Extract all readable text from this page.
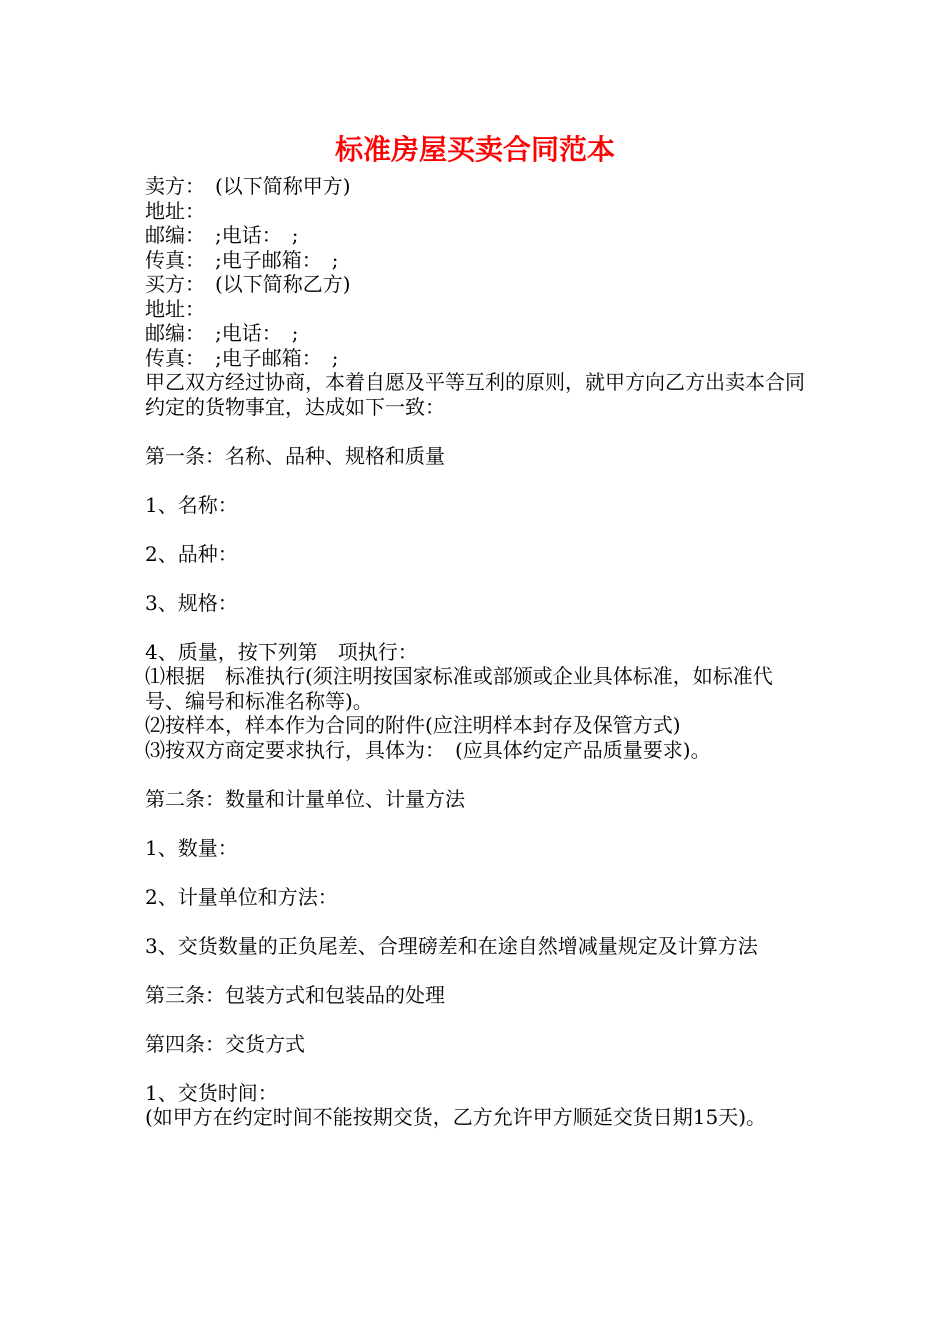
标准房屋买卖合同范本

卖方：　(以下简称甲方)

地址：

邮编：　;电话：　;

传真：　;电子邮箱：　;

买方：　(以下简称乙方)

地址：

邮编：　;电话：　;

传真：　;电子邮箱：　;

甲乙双方经过协商，本着自愿及平等互利的原则，就甲方向乙方出卖本合同约定的货物事宜，达成如下一致：

第一条：名称、品种、规格和质量

1、名称：

2、品种：

3、规格：

4、质量，按下列第　项执行：

⑴根据　标准执行(须注明按国家标准或部颁或企业具体标准，如标准代号、编号和标准名称等)。

⑵按样本，样本作为合同的附件(应注明样本封存及保管方式)

⑶按双方商定要求执行，具体为：　(应具体约定产品质量要求)。

第二条：数量和计量单位、计量方法

1、数量：

2、计量单位和方法：

3、交货数量的正负尾差、合理磅差和在途自然增减量规定及计算方法

第三条：包装方式和包装品的处理

第四条：交货方式

1、交货时间：

(如甲方在约定时间不能按期交货，乙方允许甲方顺延交货日期15天)。
